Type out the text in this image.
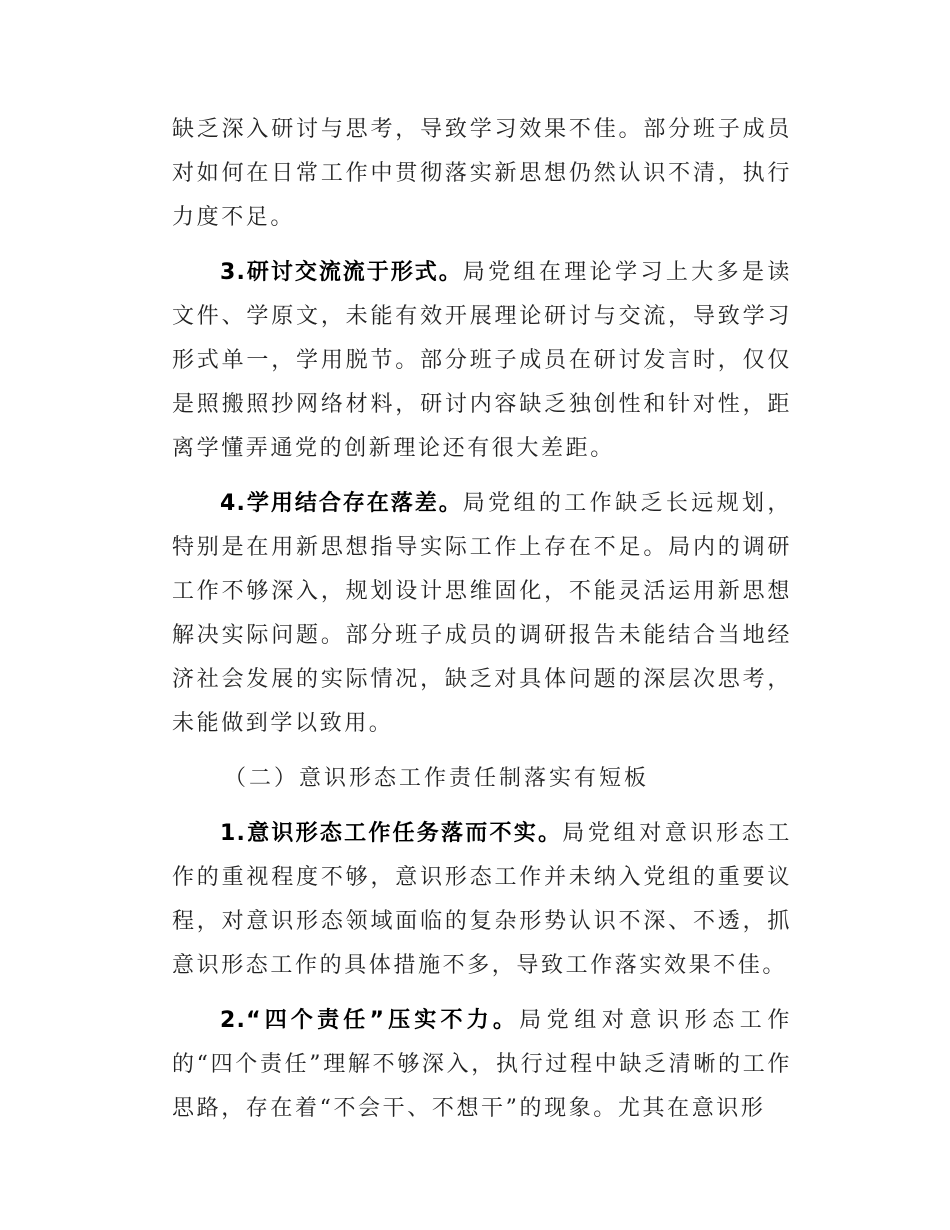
缺乏深入研讨与思考，导致学习效果不佳。部分班子成员对如何在日常工作中贯彻落实新思想仍然认识不清，执行力度不足。

3.研讨交流流于形式。局党组在理论学习上大多是读文件、学原文，未能有效开展理论研讨与交流，导致学习形式单一，学用脱节。部分班子成员在研讨发言时，仅仅是照搬照抄网络材料，研讨内容缺乏独创性和针对性，距离学懂弄通党的创新理论还有很大差距。

4.学用结合存在落差。局党组的工作缺乏长远规划，特别是在用新思想指导实际工作上存在不足。局内的调研工作不够深入，规划设计思维固化，不能灵活运用新思想解决实际问题。部分班子成员的调研报告未能结合当地经济社会发展的实际情况，缺乏对具体问题的深层次思考，未能做到学以致用。

（二）意识形态工作责任制落实有短板

1.意识形态工作任务落而不实。局党组对意识形态工作的重视程度不够，意识形态工作并未纳入党组的重要议程，对意识形态领域面临的复杂形势认识不深、不透，抓意识形态工作的具体措施不多，导致工作落实效果不佳。

2.“四个责任”压实不力。局党组对意识形态工作的“四个责任”理解不够深入，执行过程中缺乏清晰的工作思路，存在着“不会干、不想干”的现象。尤其在意识形
